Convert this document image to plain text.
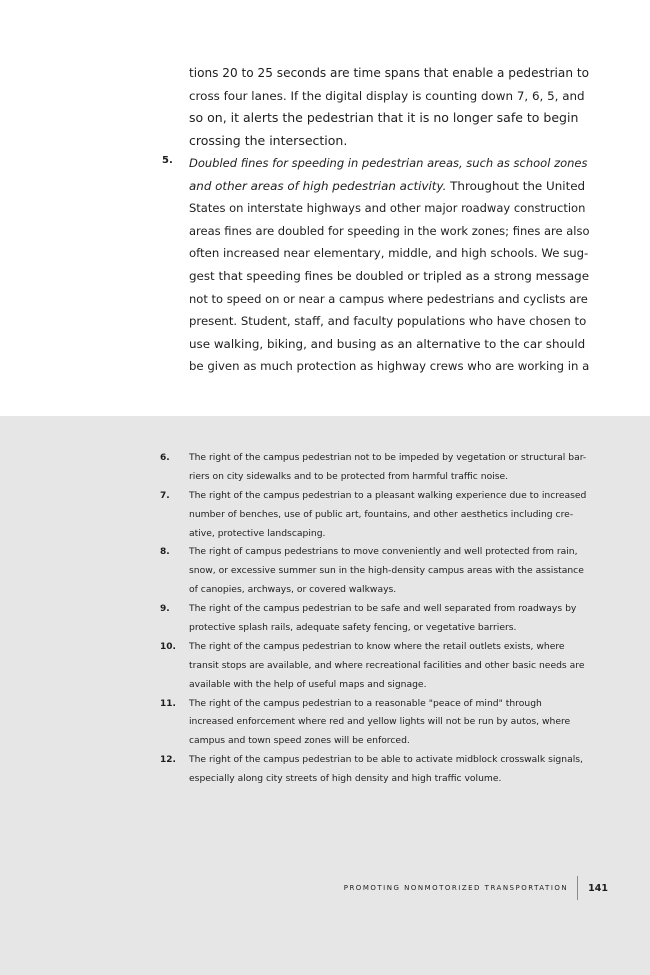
tions 20 to 25 seconds are time spans that enable a pedestrian to
cross four lanes. If the digital display is counting down 7, 6, 5, and
so on, it alerts the pedestrian that it is no longer safe to begin
crossing the intersection.
5. Doubled fines for speeding in pedestrian areas, such as school zones
and other areas of high pedestrian activity. Throughout the United
States on interstate highways and other major roadway construction
areas fines are doubled for speeding in the work zones; fines are also
often increased near elementary, middle, and high schools. We sug-
gest that speeding fines be doubled or tripled as a strong message
not to speed on or near a campus where pedestrians and cyclists are
present. Student, staff, and faculty populations who have chosen to
use walking, biking, and busing as an alternative to the car should
be given as much protection as highway crews who are working in a
6.	The right of the campus pedestrian not to be impeded by vegetation or structural bar-
riers on city sidewalks and to be protected from harmful traffic noise.
7.	The right of the campus pedestrian to a pleasant walking experience due to increased
number of benches, use of public art, fountains, and other aesthetics including cre-
ative, protective landscaping.
8.	The right of campus pedestrians to move conveniently and well protected from rain,
snow, or excessive summer sun in the high-density campus areas with the assistance
of canopies, archways, or covered walkways.
9.	The right of the campus pedestrian to be safe and well separated from roadways by
protective splash rails, adequate safety fencing, or vegetative barriers.
10.	The right of the campus pedestrian to know where the retail outlets exists, where
transit stops are available, and where recreational facilities and other basic needs are
available with the help of useful maps and signage.
11.	The right of the campus pedestrian to a reasonable "peace of mind" through
increased enforcement where red and yellow lights will not be run by autos, where
campus and town speed zones will be enforced.
12.	The right of the campus pedestrian to be able to activate midblock crosswalk signals,
especially along city streets of high density and high traffic volume.
PROMOTING NONMOTORIZED TRANSPORTATION	141
